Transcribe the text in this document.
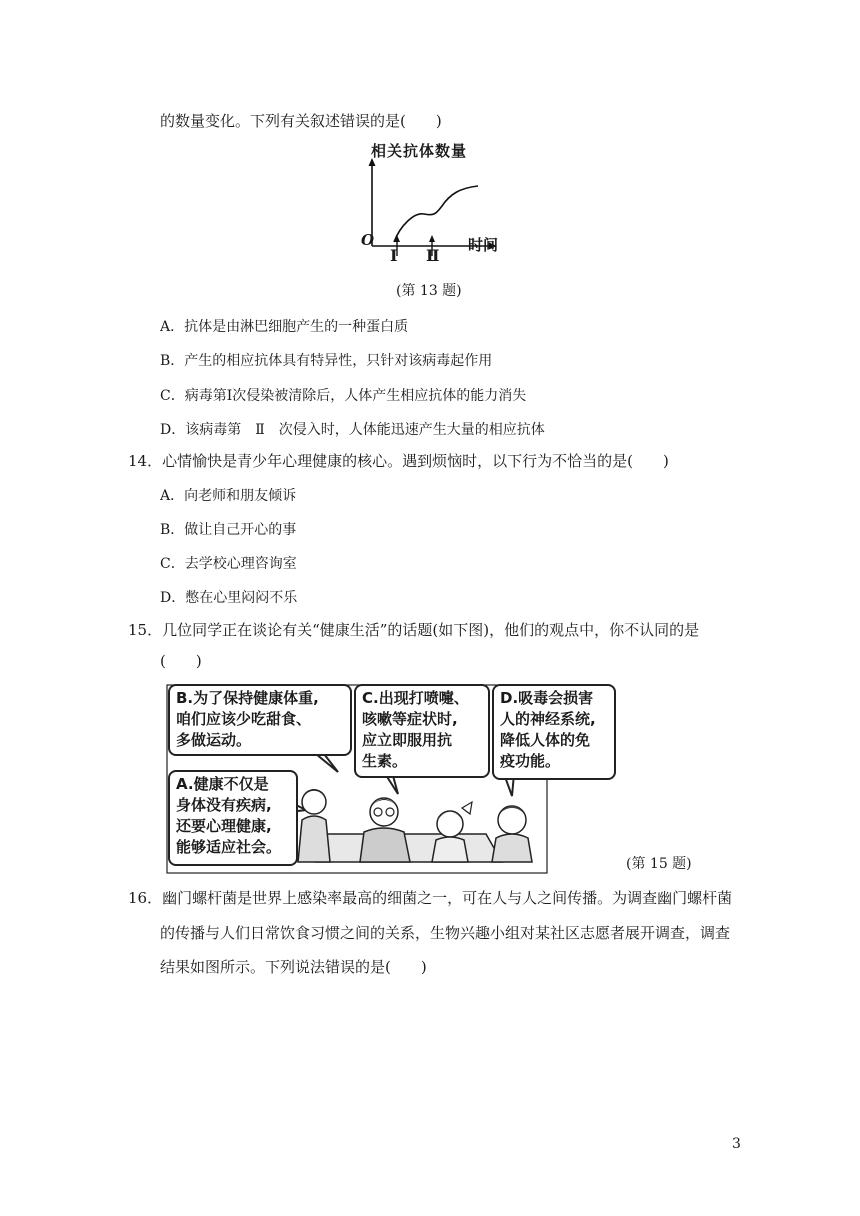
的数量变化。下列有关叙述错误的是(　　)
相关抗体数量
O	时间
Ⅰ Ⅱ
(第 13 题)
A．抗体是由淋巴细胞产生的一种蛋白质
B．产生的相应抗体具有特异性，只针对该病毒起作用
C．病毒第Ⅰ次侵染被清除后，人体产生相应抗体的能力消失
D．该病毒第　Ⅱ　次侵入时，人体能迅速产生大量的相应抗体
14．心情愉快是青少年心理健康的核心。遇到烦恼时，以下行为不恰当的是(　　)
A．向老师和朋友倾诉
B．做让自己开心的事
C．去学校心理咨询室
D．憋在心里闷闷不乐
15．几位同学正在谈论有关“健康生活”的话题(如下图)，他们的观点中，你不认同的是
(　　)
B.为了保持健康体重,
咱们应该少吃甜食、
多做运动。
C.出现打喷嚏、
咳嗽等症状时,
应立即服用抗
生素。
D.吸毒会损害
人的神经系统,
降低人体的免
疫功能。
A.健康不仅是
身体没有疾病,
还要心理健康,
能够适应社会。
(第 15 题)
16．幽门螺杆菌是世界上感染率最高的细菌之一，可在人与人之间传播。为调查幽门螺杆菌
的传播与人们日常饮食习惯之间的关系，生物兴趣小组对某社区志愿者展开调查，调查
结果如图所示。下列说法错误的是(　　)
3
